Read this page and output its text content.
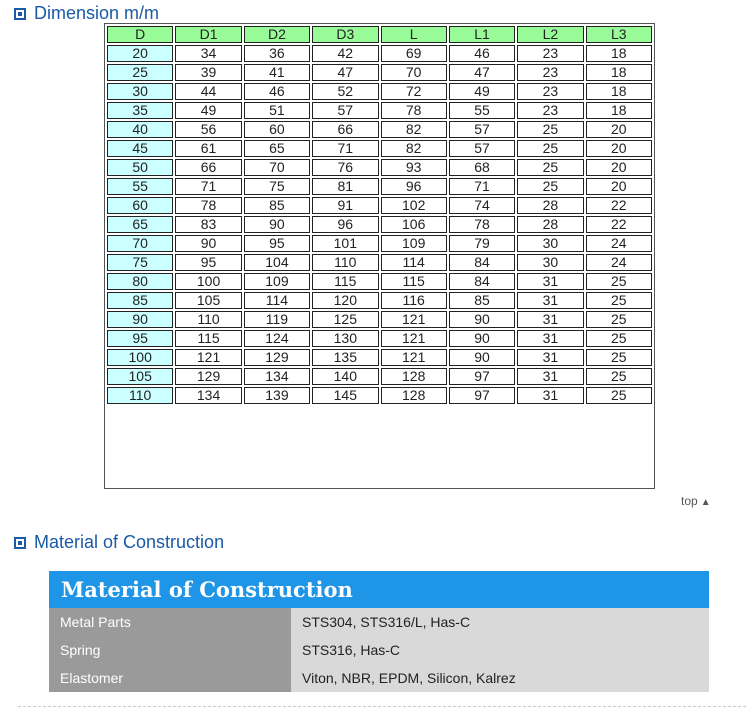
Dimension m/m
D	D1	D2	D3	L	L1	L2	L3
20	34	36	42	69	46	23	18
25	39	41	47	70	47	23	18
30	44	46	52	72	49	23	18
35	49	51	57	78	55	23	18
40	56	60	66	82	57	25	20
45	61	65	71	82	57	25	20
50	66	70	76	93	68	25	20
55	71	75	81	96	71	25	20
60	78	85	91	102	74	28	22
65	83	90	96	106	78	28	22
70	90	95	101	109	79	30	24
75	95	104	110	114	84	30	24
80	100	109	115	115	84	31	25
85	105	114	120	116	85	31	25
90	110	119	125	121	90	31	25
95	115	124	130	121	90	31	25
100	121	129	135	121	90	31	25
105	129	134	140	128	97	31	25
110	134	139	145	128	97	31	25
top ▲
Material of Construction
Material of Construction
Metal Parts	STS304, STS316/L, Has-C
Spring	STS316, Has-C
Elastomer	Viton, NBR, EPDM, Silicon, Kalrez
